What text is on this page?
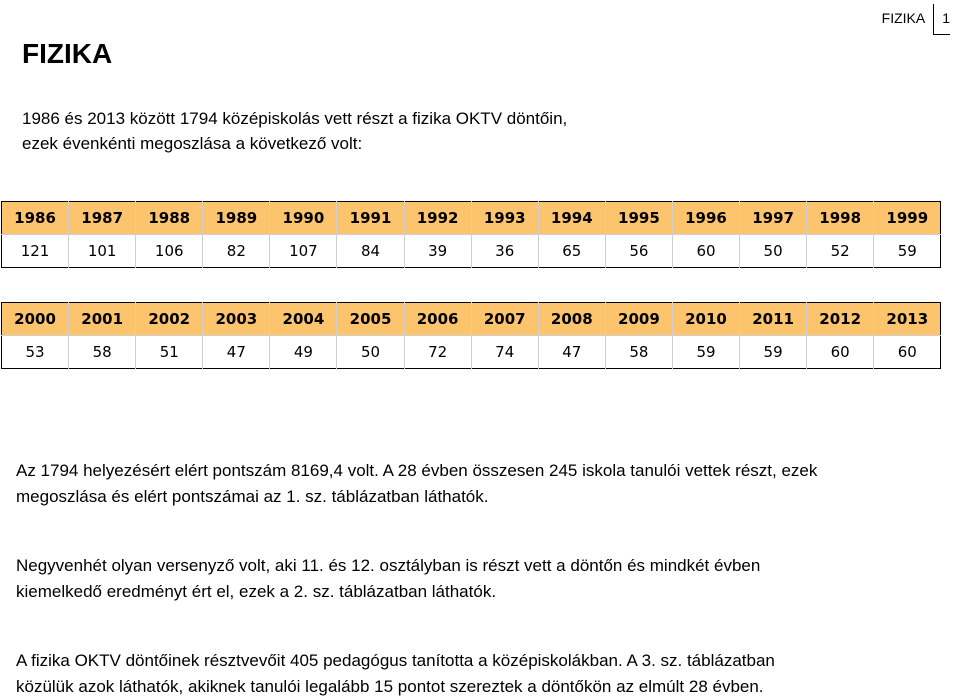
FIZIKA	1
FIZIKA

1986 és 2013 között 1794 középiskolás vett részt a fizika OKTV döntőin,
ezek évenkénti megoszlása a következő volt:

1986	1987	1988	1989	1990	1991	1992	1993	1994	1995	1996	1997	1998	1999
121	101	106	82	107	84	39	36	65	56	60	50	52	59
2000	2001	2002	2003	2004	2005	2006	2007	2008	2009	2010	2011	2012	2013
53	58	51	47	49	50	72	74	47	58	59	59	60	60

Az 1794 helyezésért elért pontszám 8169,4 volt. A 28 évben összesen 245 iskola tanulói vettek részt, ezek
megoszlása és elért pontszámai az 1. sz. táblázatban láthatók.

Negyvenhét olyan versenyző volt, aki 11. és 12. osztályban is részt vett a döntőn és mindkét évben
kiemelkedő eredményt ért el, ezek a 2. sz. táblázatban láthatók.

A fizika OKTV döntőinek résztvevőit 405 pedagógus tanította a középiskolákban. A 3. sz. táblázatban
közülük azok láthatók, akiknek tanulói legalább 15 pontot szereztek a döntőkön az elmúlt 28 évben.
